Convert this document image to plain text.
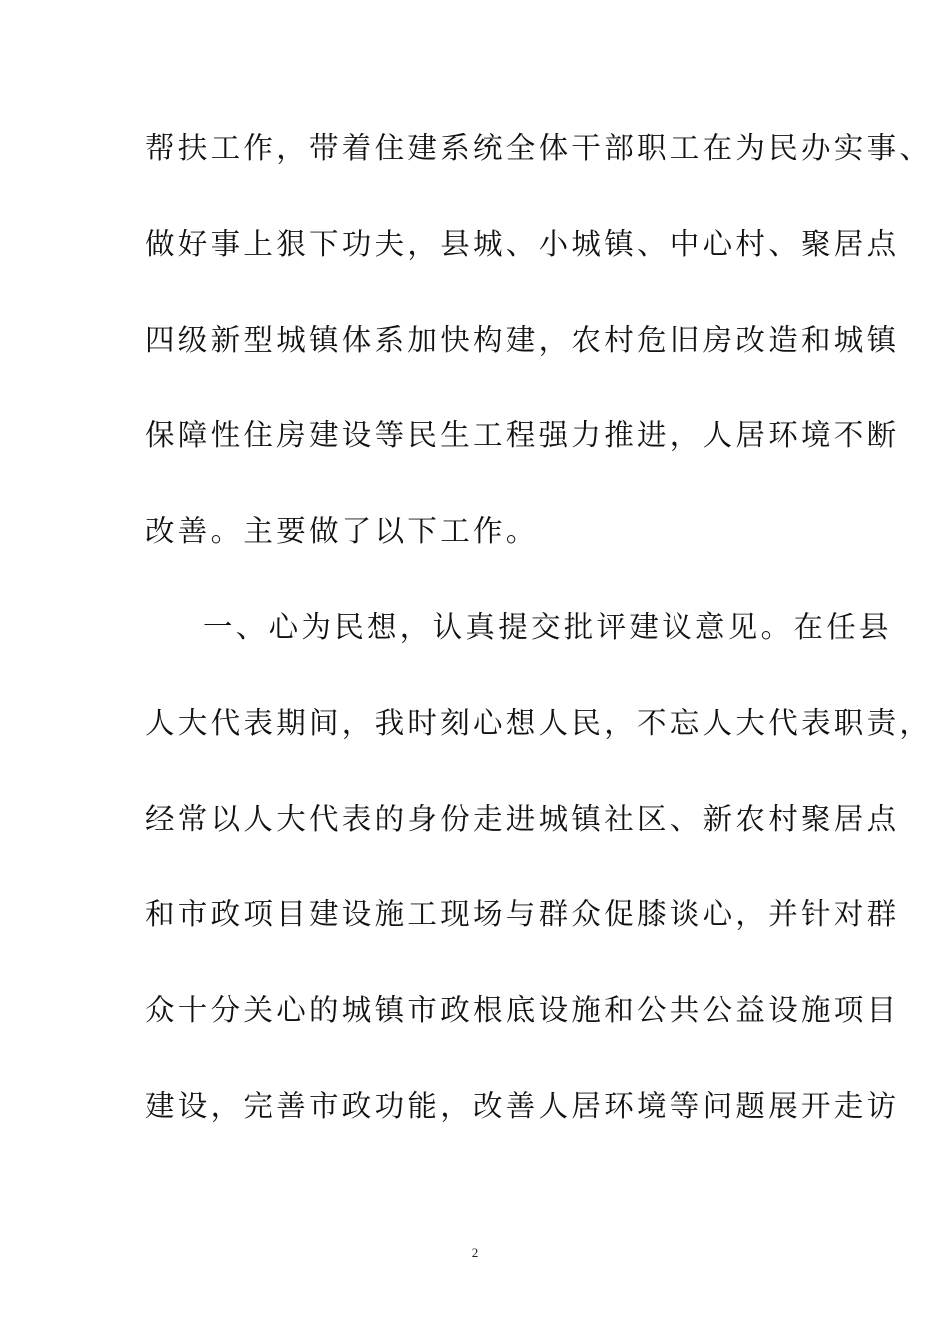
帮扶工作，带着住建系统全体干部职工在为民办实事、
做好事上狠下功夫，县城、小城镇、中心村、聚居点
四级新型城镇体系加快构建，农村危旧房改造和城镇
保障性住房建设等民生工程强力推进，人居环境不断
改善。主要做了以下工作。
一、心为民想，认真提交批评建议意见。在任县
人大代表期间，我时刻心想人民，不忘人大代表职责，
经常以人大代表的身份走进城镇社区、新农村聚居点
和市政项目建设施工现场与群众促膝谈心，并针对群
众十分关心的城镇市政根底设施和公共公益设施项目
建设，完善市政功能，改善人居环境等问题展开走访
2
